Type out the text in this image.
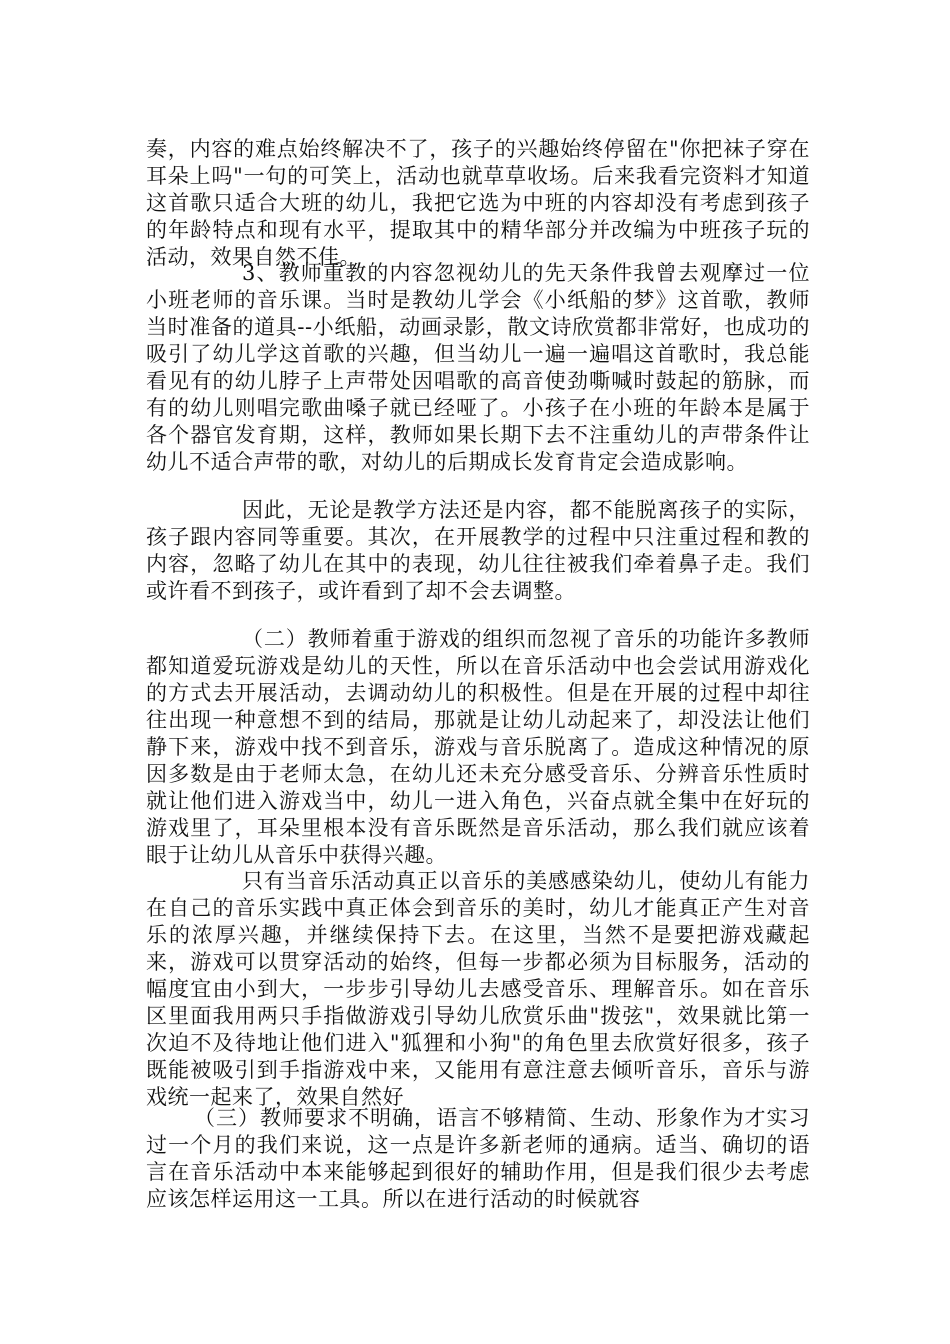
奏，内容的难点始终解决不了，孩子的兴趣始终停留在"你把袜子穿在耳朵上吗"一句的可笑上，活动也就草草收场。后来我看完资料才知道这首歌只适合大班的幼儿，我把它选为中班的内容却没有考虑到孩子的年龄特点和现有水平，提取其中的精华部分并改编为中班孩子玩的活动，效果自然不佳。

3、教师重教的内容忽视幼儿的先天条件我曾去观摩过一位小班老师的音乐课。当时是教幼儿学会《小纸船的梦》这首歌，教师当时准备的道具--小纸船，动画录影，散文诗欣赏都非常好，也成功的吸引了幼儿学这首歌的兴趣，但当幼儿一遍一遍唱这首歌时，我总能看见有的幼儿脖子上声带处因唱歌的高音使劲嘶喊时鼓起的筋脉，而有的幼儿则唱完歌曲嗓子就已经哑了。小孩子在小班的年龄本是属于各个器官发育期，这样，教师如果长期下去不注重幼儿的声带条件让幼儿不适合声带的歌，对幼儿的后期成长发育肯定会造成影响。

因此，无论是教学方法还是内容，都不能脱离孩子的实际，孩子跟内容同等重要。其次，在开展教学的过程中只注重过程和教的内容，忽略了幼儿在其中的表现，幼儿往往被我们牵着鼻子走。我们或许看不到孩子，或许看到了却不会去调整。

（二）教师着重于游戏的组织而忽视了音乐的功能许多教师都知道爱玩游戏是幼儿的天性，所以在音乐活动中也会尝试用游戏化的方式去开展活动，去调动幼儿的积极性。但是在开展的过程中却往往出现一种意想不到的结局，那就是让幼儿动起来了，却没法让他们静下来，游戏中找不到音乐，游戏与音乐脱离了。造成这种情况的原因多数是由于老师太急，在幼儿还未充分感受音乐、分辨音乐性质时就让他们进入游戏当中，幼儿一进入角色，兴奋点就全集中在好玩的游戏里了，耳朵里根本没有音乐既然是音乐活动，那么我们就应该着眼于让幼儿从音乐中获得兴趣。

只有当音乐活动真正以音乐的美感感染幼儿，使幼儿有能力在自己的音乐实践中真正体会到音乐的美时，幼儿才能真正产生对音乐的浓厚兴趣，并继续保持下去。在这里，当然不是要把游戏藏起来，游戏可以贯穿活动的始终，但每一步都必须为目标服务，活动的幅度宜由小到大，一步步引导幼儿去感受音乐、理解音乐。如在音乐区里面我用两只手指做游戏引导幼儿欣赏乐曲"拨弦"，效果就比第一次迫不及待地让他们进入"狐狸和小狗"的角色里去欣赏好很多，孩子既能被吸引到手指游戏中来，又能用有意注意去倾听音乐，音乐与游戏统一起来了，效果自然好

（三）教师要求不明确，语言不够精简、生动、形象作为才实习过一个月的我们来说，这一点是许多新老师的通病。适当、确切的语言在音乐活动中本来能够起到很好的辅助作用，但是我们很少去考虑应该怎样运用这一工具。所以在进行活动的时候就容
